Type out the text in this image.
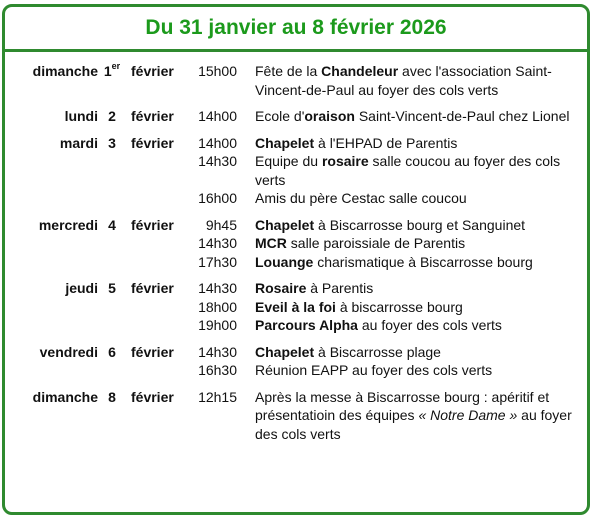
Du 31 janvier au 8 février 2026
dimanche 1er février 15h00 Fête de la Chandeleur avec l'association Saint-Vincent-de-Paul au foyer des cols verts
lundi 2	février 14h00 Ecole d'oraison Saint-Vincent-de-Paul chez Lionel
mardi 3	février 14h00 Chapelet à l'EHPAD de Parentis
14h30 Equipe du rosaire salle coucou au foyer des cols verts
16h00 Amis du père Cestac salle coucou
mercredi 4	février 9h45 Chapelet à Biscarrosse bourg et Sanguinet
14h30 MCR salle paroissiale de Parentis
17h30 Louange charismatique à Biscarrosse bourg
jeudi 5	février 14h30 Rosaire à Parentis
18h00 Eveil à la foi à biscarrosse bourg
19h00 Parcours Alpha au foyer des cols verts
vendredi 6	février 14h30 Chapelet à Biscarrosse plage
16h30 Réunion EAPP au foyer des cols verts
dimanche 8	février 12h15 Après la messe à Biscarrosse bourg : apéritif et présentatioin des équipes « Notre Dame » au foyer des cols verts
